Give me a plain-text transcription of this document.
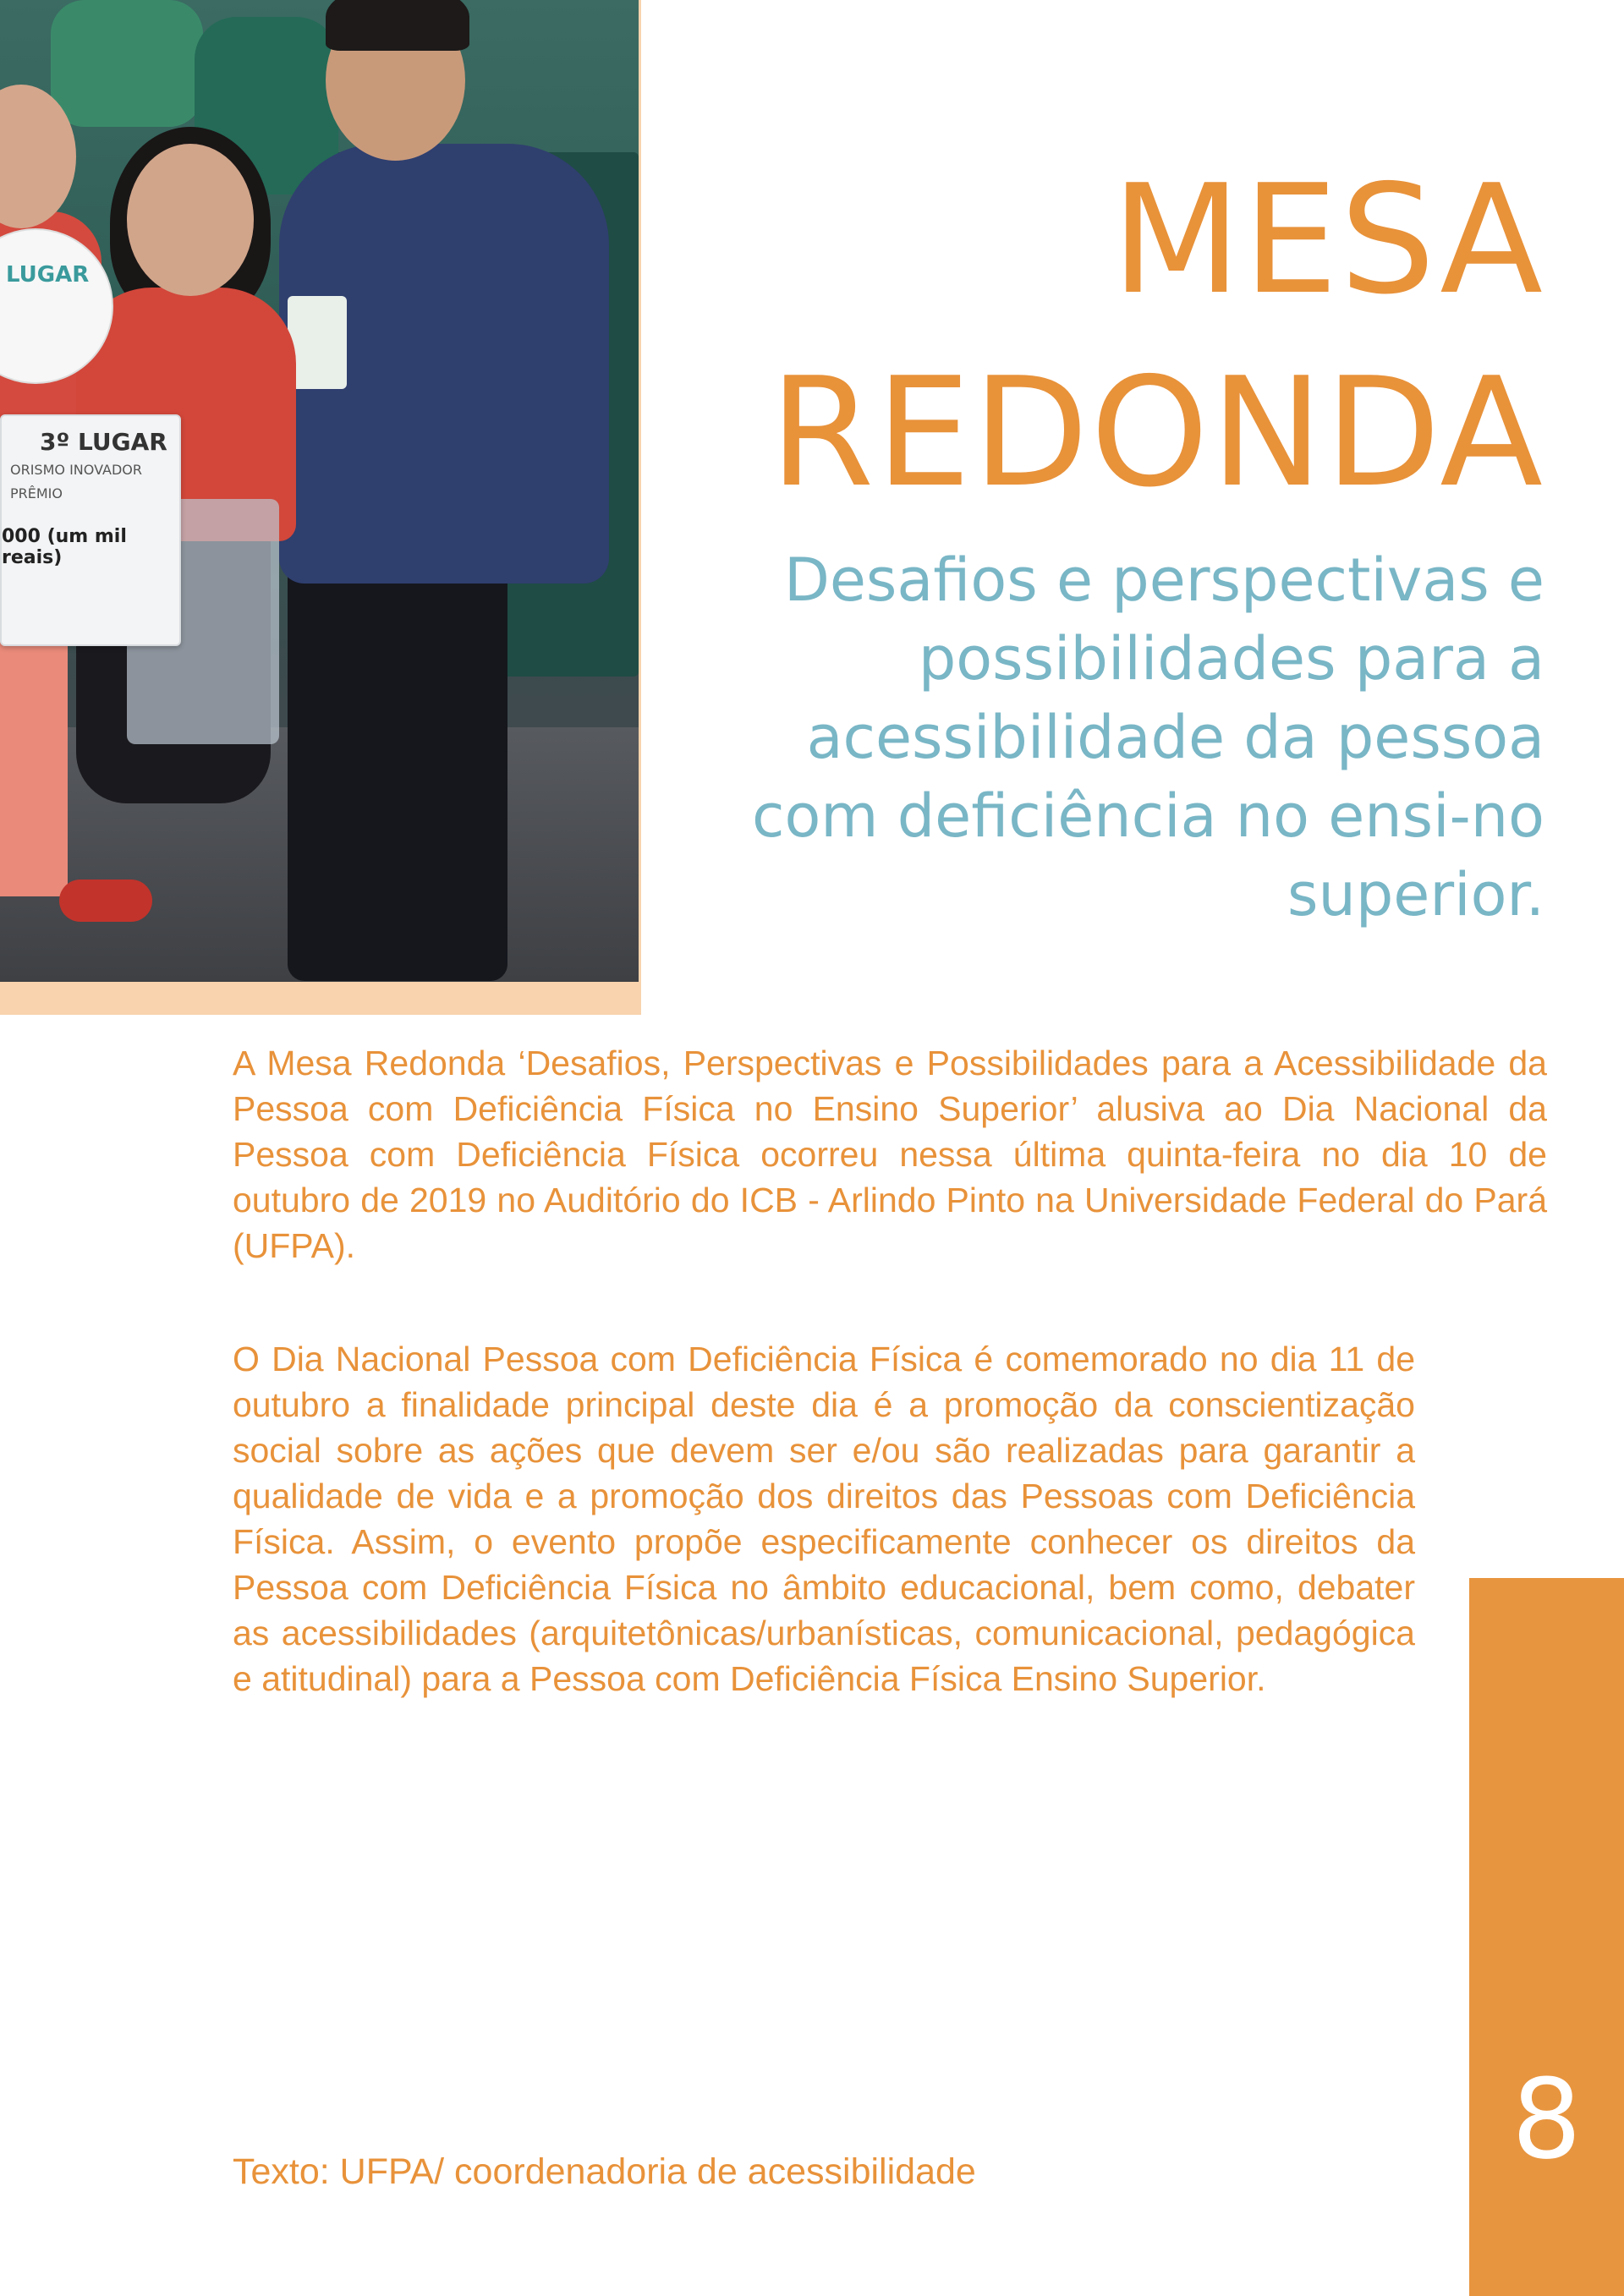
LUGAR
3º LUGAR
ORISMO INOVADOR
PRÊMIO
000 (um mil reais)
MESA
REDONDA
Desafios e perspectivas e possibilidades para a acessibilidade da pessoa com deficiência no ensi-no superior.

A Mesa Redonda ‘Desafios, Perspectivas e Possibilidades para a Acessibilidade da Pessoa com Deficiência Física no Ensino Superior’ alusiva ao Dia Nacional da Pessoa com Deficiência Física ocorreu nessa última quinta-feira no dia 10 de outubro de 2019 no Auditório do ICB - Arlindo Pinto na Universidade Federal do Pará (UFPA).

O Dia Nacional Pessoa com Deficiência Física é comemorado no dia 11 de outubro a finalidade principal deste dia é a promoção da conscientização social sobre as ações que devem ser e/ou são realizadas para garantir a qualidade de vida e a promoção dos direitos das Pessoas com Deficiência Física. Assim, o evento propõe especificamente conhecer os direitos da Pessoa com Deficiência Física no âmbito educacional, bem como, debater as acessibilidades (arquitetônicas/urbanísticas, comunicacional, pedagógica e atitudinal) para a Pessoa com Deficiência Física Ensino Superior.

Texto: UFPA/ coordenadoria de acessibilidade	8
